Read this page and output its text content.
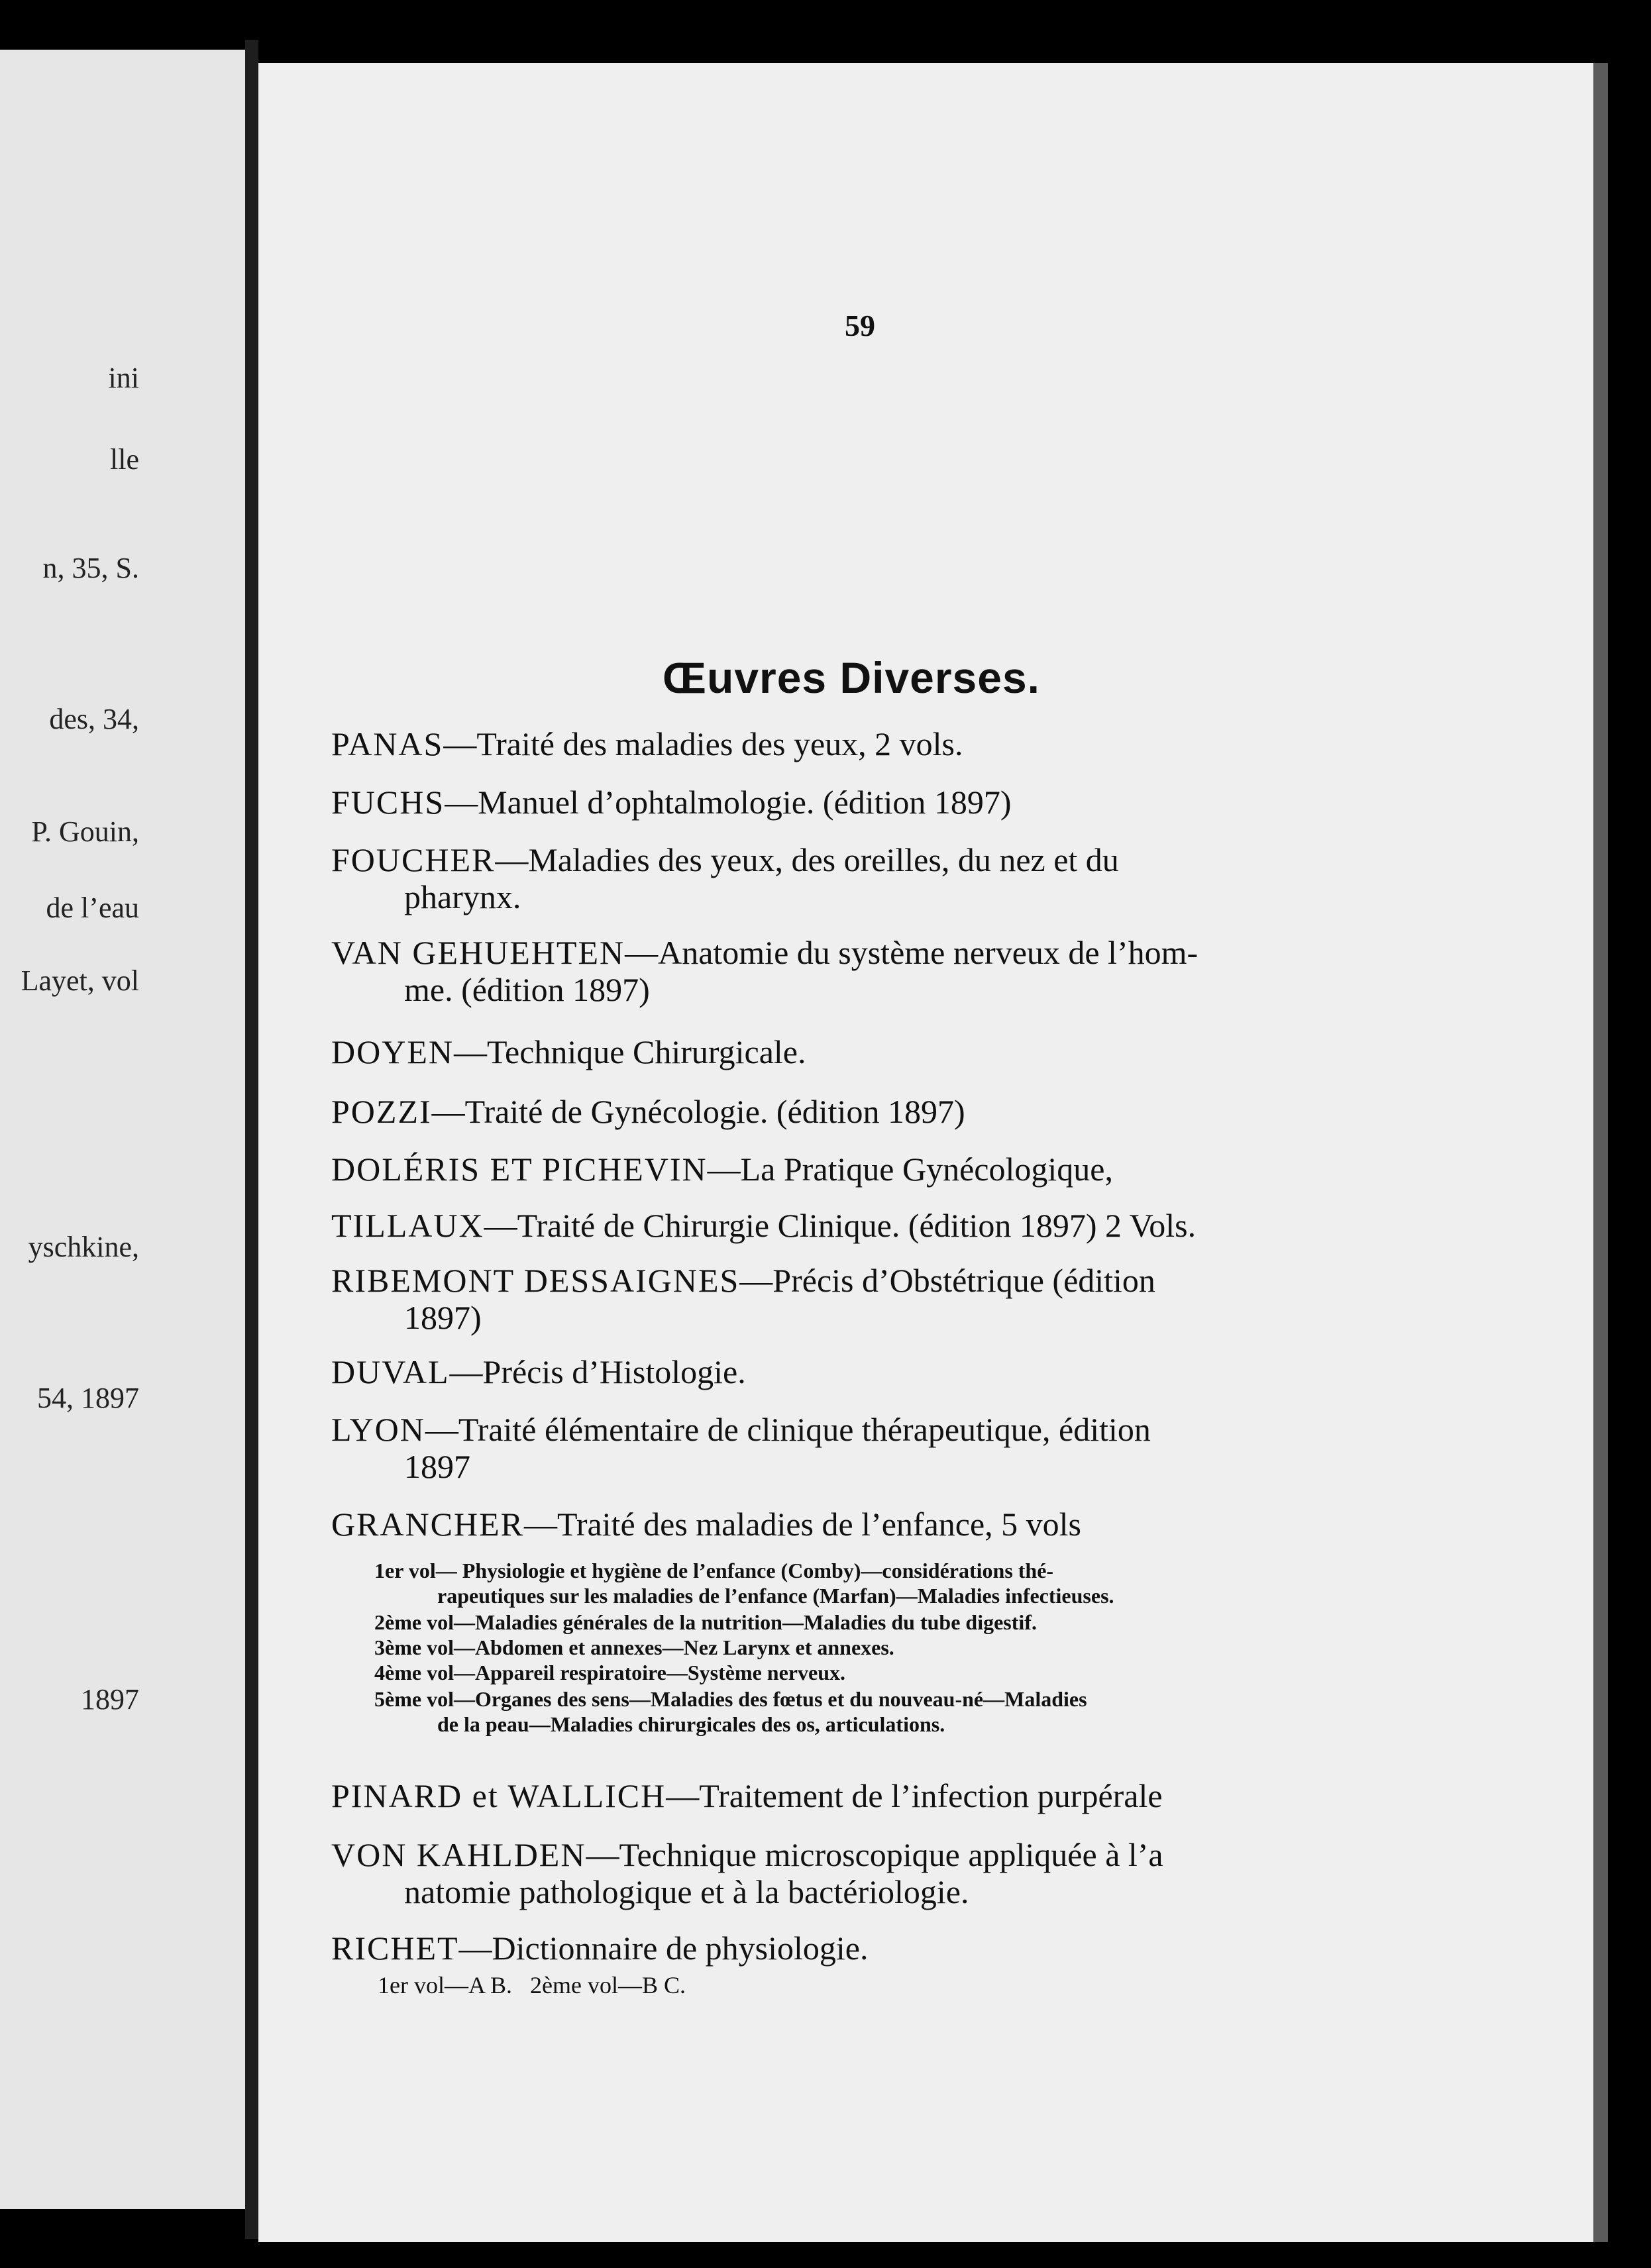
ini
lle
n, 35, S.
des, 34,
P. Gouin,
de l’eau
Layet, vol
yschkine,
54, 1897
1897
59
Œuvres Diverses.
PANAS—Traité des maladies des yeux, 2 vols.
FUCHS—Manuel d’ophtalmologie. (édition 1897)
FOUCHER—Maladies des yeux, des oreilles, du nez et du
pharynx.
VAN GEHUEHTEN—Anatomie du système nerveux de l’hom-
me. (édition 1897)
DOYEN—Technique Chirurgicale.
POZZI—Traité de Gynécologie. (édition 1897)
DOLÉRIS ET PICHEVIN—La Pratique Gynécologique,
TILLAUX—Traité de Chirurgie Clinique. (édition 1897) 2 Vols.
RIBEMONT DESSAIGNES—Précis d’Obstétrique (édition
1897)
DUVAL—Précis d’Histologie.
LYON—Traité élémentaire de clinique thérapeutique, édition
1897
GRANCHER—Traité des maladies de l’enfance, 5 vols
1er vol— Physiologie et hygiène de l’enfance (Comby)—considérations thé-
rapeutiques sur les maladies de l’enfance (Marfan)—Maladies infectieuses.
2ème vol—Maladies générales de la nutrition—Maladies du tube digestif.
3ème vol—Abdomen et annexes—Nez Larynx et annexes.
4ème vol—Appareil respiratoire—Système nerveux.
5ème vol—Organes des sens—Maladies des fœtus et du nouveau-né—Maladies
de la peau—Maladies chirurgicales des os, articulations.
PINARD et WALLICH—Traitement de l’infection purpérale
VON KAHLDEN—Technique microscopique appliquée à l’a
natomie pathologique et à la bactériologie.
RICHET—Dictionnaire de physiologie.
1er vol—A B.   2ème vol—B C.
